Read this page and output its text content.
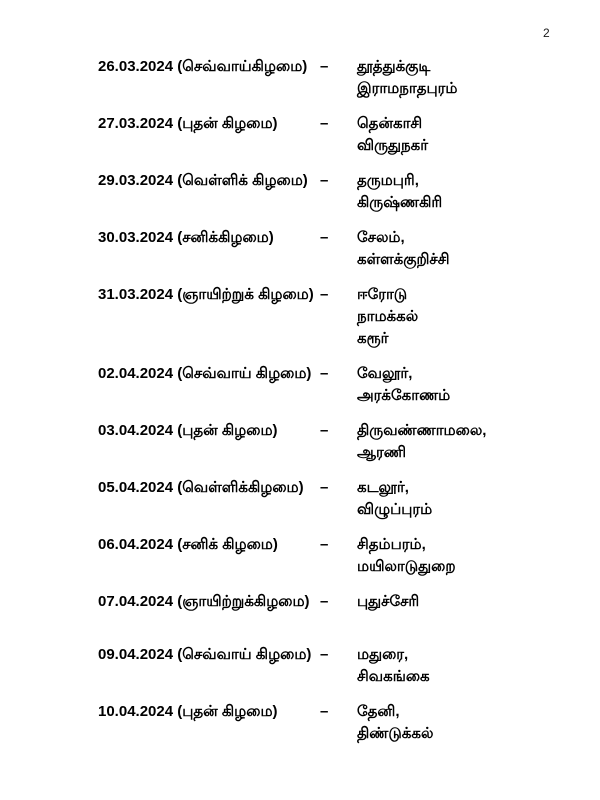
2
26.03.2024 (செவ்வாய்கிழமை) –	தூத்துக்குடி
இராமநாதபுரம்
27.03.2024 (புதன் கிழமை)	–	தென்காசி
விருதுநகர்
29.03.2024 (வெள்ளிக் கிழமை) –	தருமபுரி,
கிருஷ்ணகிரி
30.03.2024 (சனிக்கிழமை)	–	சேலம்,
கள்ளக்குறிச்சி
31.03.2024 (ஞாயிற்றுக் கிழமை) –	ஈரோடு
நாமக்கல்
கரூர்
02.04.2024 (செவ்வாய் கிழமை) –	வேலூர்,
அரக்கோணம்
03.04.2024 (புதன் கிழமை)	–	திருவண்ணாமலை,
ஆரணி
05.04.2024 (வெள்ளிக்கிழமை)	–	கடலூர்,
விழுப்புரம்
06.04.2024 (சனிக் கிழமை)	–	சிதம்பரம்,
மயிலாடுதுறை
07.04.2024 (ஞாயிற்றுக்கிழமை) –	புதுச்சேரி
09.04.2024 (செவ்வாய் கிழமை) –	மதுரை,
சிவகங்கை
10.04.2024 (புதன் கிழமை)	–	தேனி,
திண்டுக்கல்
